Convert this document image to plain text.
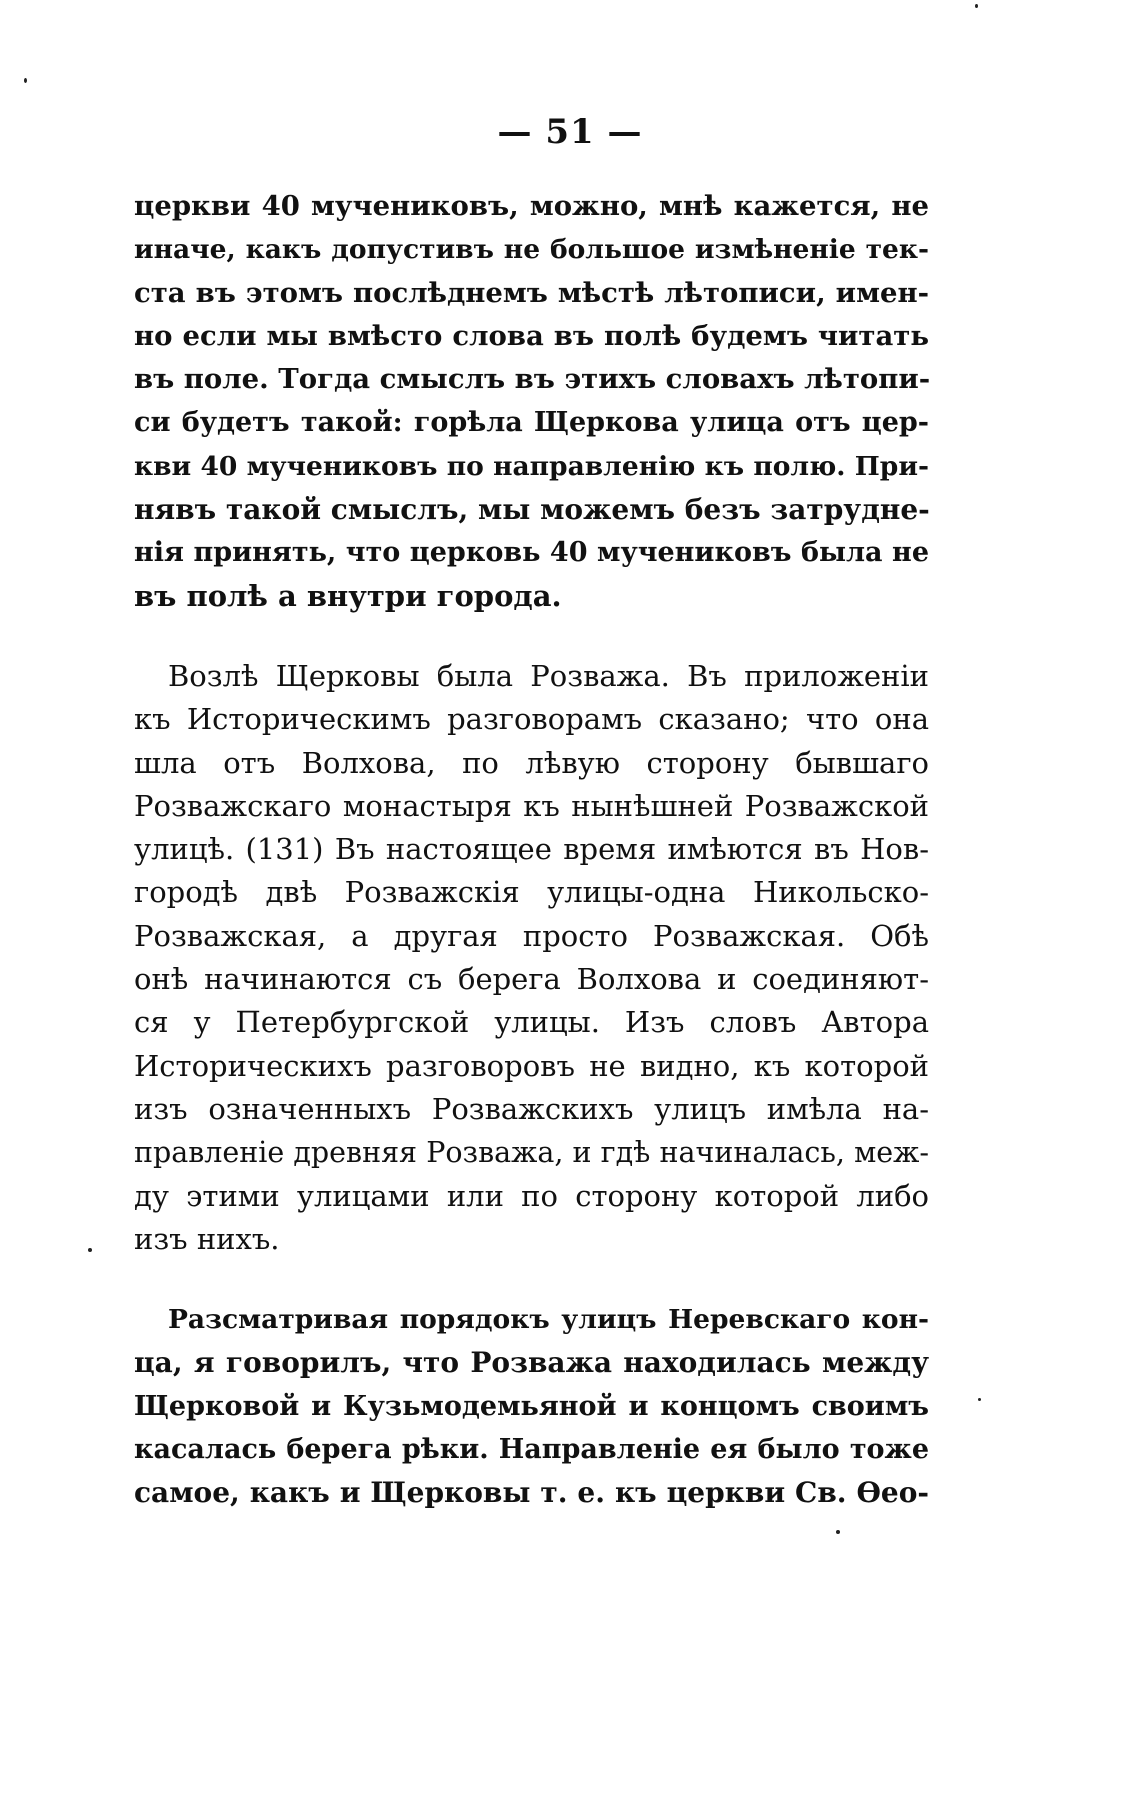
— 51 —

церкви 40 мучениковъ, можно, мнѣ кажется, не
иначе, какъ допустивъ не большое измѣненіе тек-
ста въ этомъ послѣднемъ мѣстѣ лѣтописи, имен-
но если мы вмѣсто слова въ полѣ будемъ читать
въ поле. Тогда смыслъ въ этихъ словахъ лѣтопи-
си будетъ такой: горѣла Щеркова улица отъ цер-
кви 40 мучениковъ по направленію къ полю. При-
нявъ такой смыслъ, мы можемъ безъ затрудне-
нія принять, что церковь 40 мучениковъ была не
въ полѣ а внутри города.

Возлѣ Щерковы была Розважа. Въ приложеніи
къ Историческимъ разговорамъ сказано; что она
шла отъ Волхова, по лѣвую сторону бывшаго
Розважскаго монастыря къ нынѣшней Розважской
улицѣ. (131) Въ настоящее время имѣются въ Нов-
городѣ двѣ Розважскія улицы-одна Никольско-
Розважская, а другая просто Розважская. Обѣ
онѣ начинаются съ берега Волхова и соединяют-
ся у Петербургской улицы. Изъ словъ Автора
Историческихъ разговоровъ не видно, къ которой
изъ означенныхъ Розважскихъ улицъ имѣла на-
правленіе древняя Розважа, и гдѣ начиналась, меж-
ду этими улицами или по сторону которой либо
изъ нихъ.

Разсматривая порядокъ улицъ Неревскаго кон-
ца, я говорилъ, что Розважа находилась между
Щерковой и Кузьмодемьяной и концомъ своимъ
касалась берега рѣки. Направленіе ея было тоже
самое, какъ и Щерковы т. е. къ церкви Св. Ѳео-
